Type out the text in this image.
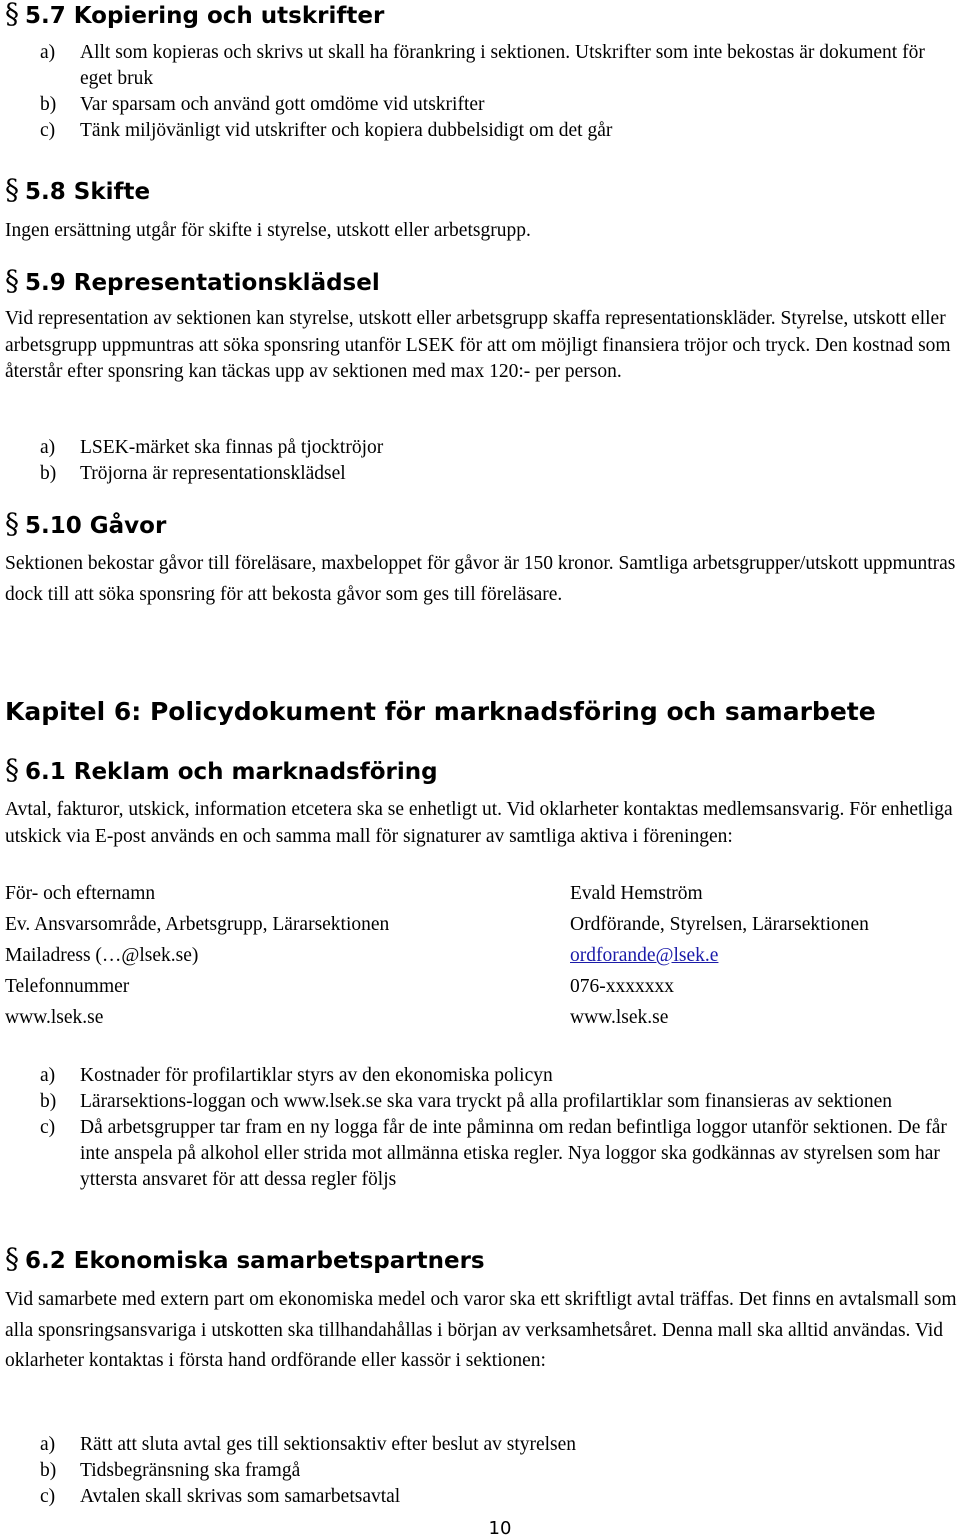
§ 5.7 Kopiering och utskrifter
a) Allt som kopieras och skrivs ut skall ha förankring i sektionen. Utskrifter som inte bekostas är dokument för eget bruk
b) Var sparsam och använd gott omdöme vid utskrifter
c) Tänk miljövänligt vid utskrifter och kopiera dubbelsidigt om det går
§ 5.8 Skifte
Ingen ersättning utgår för skifte i styrelse, utskott eller arbetsgrupp.
§ 5.9 Representationsklädsel
Vid representation av sektionen kan styrelse, utskott eller arbetsgrupp skaffa representationskläder. Styrelse, utskott eller arbetsgrupp uppmuntras att söka sponsring utanför LSEK för att om möjligt finansiera tröjor och tryck. Den kostnad som återstår efter sponsring kan täckas upp av sektionen med max 120:- per person.
a) LSEK-märket ska finnas på tjocktröjor
b) Tröjorna är representationsklädsel
§ 5.10 Gåvor
Sektionen bekostar gåvor till föreläsare, maxbeloppet för gåvor är 150 kronor. Samtliga arbetsgrupper/utskott uppmuntras dock till att söka sponsring för att bekosta gåvor som ges till föreläsare.
Kapitel 6: Policydokument för marknadsföring och samarbete
§ 6.1 Reklam och marknadsföring
Avtal, fakturor, utskick, information etcetera ska se enhetligt ut. Vid oklarheter kontaktas medlemsansvarig. För enhetliga utskick via E-post används en och samma mall för signaturer av samtliga aktiva i föreningen:
För- och efternamn	Evald Hemström
Ev. Ansvarsområde, Arbetsgrupp, Lärarsektionen	Ordförande, Styrelsen, Lärarsektionen
Mailadress (…@lsek.se)	ordforande@lsek.e
Telefonnummer	076-xxxxxxx
www.lsek.se	www.lsek.se
a) Kostnader för profilartiklar styrs av den ekonomiska policyn
b) Lärarsektions-loggan och www.lsek.se ska vara tryckt på alla profilartiklar som finansieras av sektionen
c) Då arbetsgrupper tar fram en ny logga får de inte påminna om redan befintliga loggor utanför sektionen. De får inte anspela på alkohol eller strida mot allmänna etiska regler. Nya loggor ska godkännas av styrelsen som har yttersta ansvaret för att dessa regler följs
§ 6.2 Ekonomiska samarbetspartners
Vid samarbete med extern part om ekonomiska medel och varor ska ett skriftligt avtal träffas. Det finns en avtalsmall som alla sponsringsansvariga i utskotten ska tillhandahållas i början av verksamhetsåret. Denna mall ska alltid användas. Vid oklarheter kontaktas i första hand ordförande eller kassör i sektionen:
a) Rätt att sluta avtal ges till sektionsaktiv efter beslut av styrelsen
b) Tidsbegränsning ska framgå
c) Avtalen skall skrivas som samarbetsavtal
10
